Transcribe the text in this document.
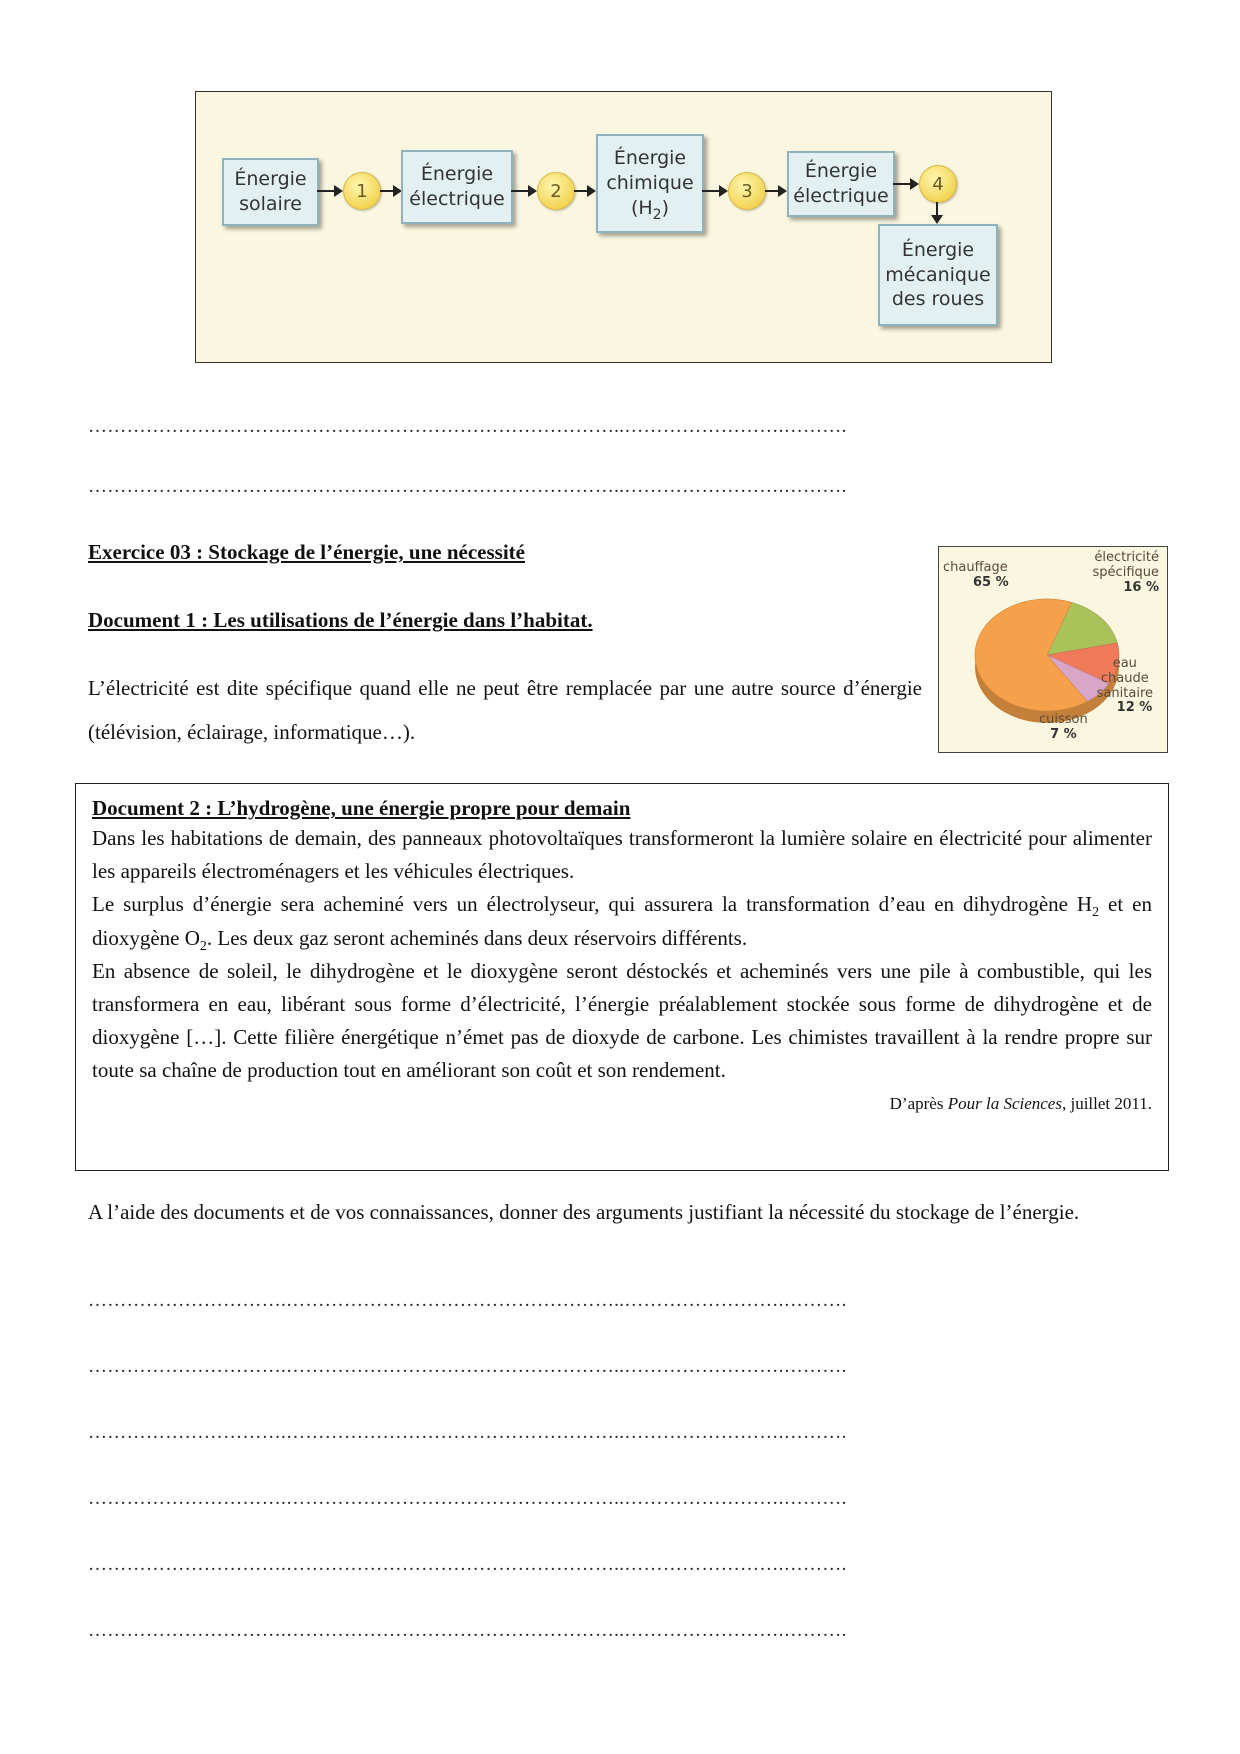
Énergie
solaire
1
Énergie
électrique	2
Énergie
chimique
$(H_2)$
3
Énergie
électrique
4
Énergie
mécanique
des roues
………………………….……………………………………………..…………………….……….
………………………….……………………………………………..…………………….……….
Exercice 03 : Stockage de l’énergie, une nécessité
Document 1 : Les utilisations de l’énergie dans l’habitat.
L’électricité est dite spécifique quand elle ne peut être remplacée par une autre source d’énergie (télévision, éclairage, informatique…).
chauffage
65 %
électricité
spécifique
16 %
eau
chaude
sanitaire
12 %
cuisson
7 %
Document 2 : L’hydrogène, une énergie propre pour demain

Dans les habitations de demain, des panneaux photovoltaïques transformeront la lumière solaire en électricité pour alimenter les appareils électroménagers et les véhicules électriques.

Le surplus d’énergie sera acheminé vers un électrolyseur, qui assurera la transformation d’eau en dihydrogène $H_2$ et en dioxygène $O_2$. Les deux gaz seront acheminés dans deux réservoirs différents.

En absence de soleil, le dihydrogène et le dioxygène seront déstockés et acheminés vers une pile à combustible, qui les transformera en eau, libérant sous forme d’électricité, l’énergie préalablement stockée sous forme de dihydrogène et de dioxygène […]. Cette filière énergétique n’émet pas de dioxyde de carbone. Les chimistes travaillent à la rendre propre sur toute sa chaîne de production tout en améliorant son coût et son rendement.

D’après Pour la Sciences, juillet 2011.
A l’aide des documents et de vos connaissances, donner des arguments justifiant la nécessité du stockage de l’énergie.
………………………….……………………………………………..…………………….……….
………………………….……………………………………………..…………………….……….
………………………….……………………………………………..…………………….……….
………………………….……………………………………………..…………………….……….
………………………….……………………………………………..…………………….……….
………………………….……………………………………………..…………………….……….
